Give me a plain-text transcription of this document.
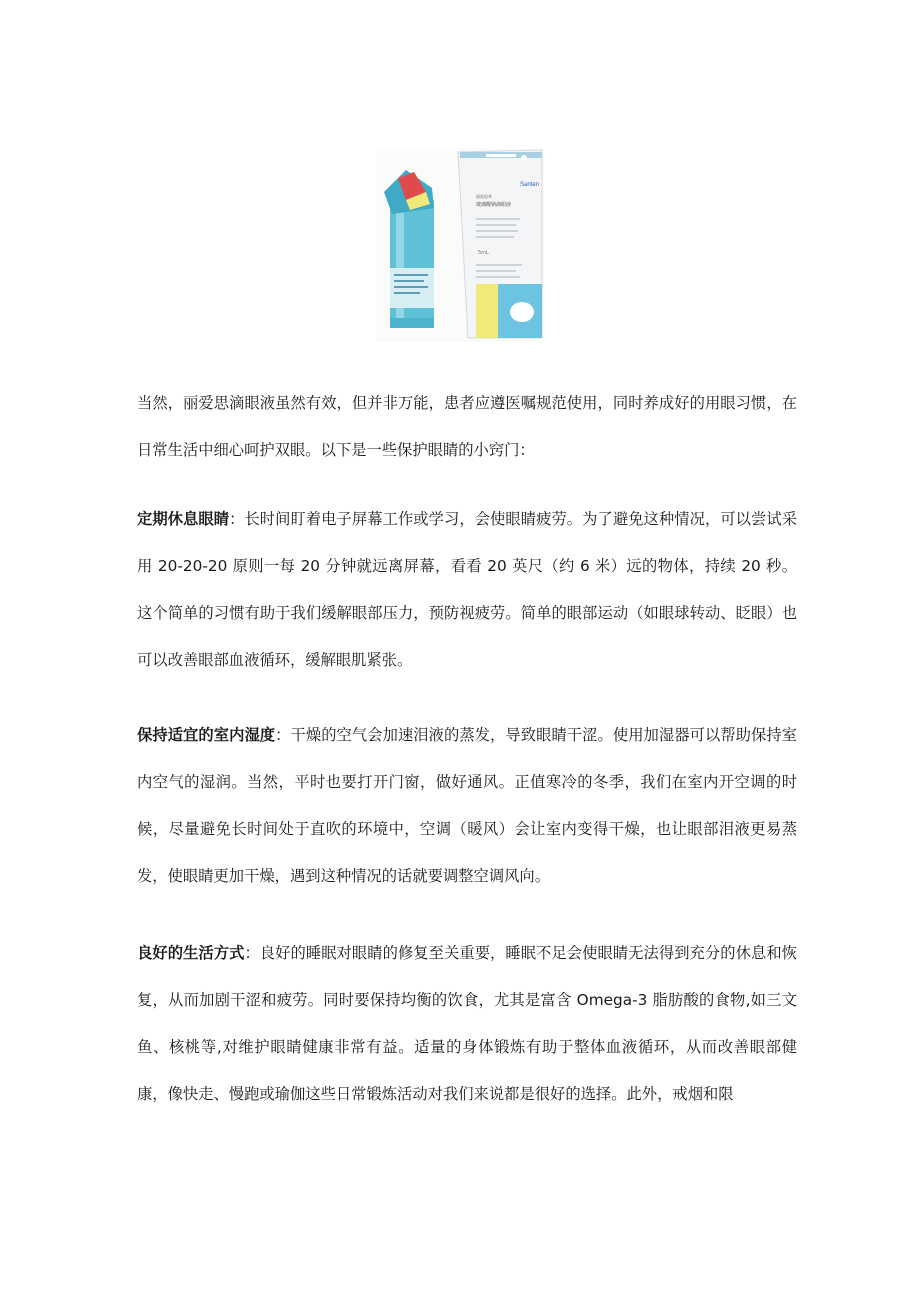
Santen
丽爱思®
玻璃酸钠滴眼液
5mL
当然，丽爱思滴眼液虽然有效，但并非万能，患者应遵医嘱规范使用，同时养成好的用眼习惯，在日常生活中细心呵护双眼。以下是一些保护眼睛的小窍门：
定期休息眼睛：长时间盯着电子屏幕工作或学习，会使眼睛疲劳。为了避免这种情况，可以尝试采用 20-20-20 原则一每 20 分钟就远离屏幕，看看 20 英尺（约 6 米）远的物体，持续 20 秒。这个简单的习惯有助于我们缓解眼部压力，预防视疲劳。简单的眼部运动（如眼球转动、眨眼）也可以改善眼部血液循环，缓解眼肌紧张。
保持适宜的室内湿度：干燥的空气会加速泪液的蒸发，导致眼睛干涩。使用加湿器可以帮助保持室内空气的湿润。当然，平时也要打开门窗，做好通风。正值寒冷的冬季，我们在室内开空调的时候，尽量避免长时间处于直吹的环境中，空调（暖风）会让室内变得干燥，也让眼部泪液更易蒸发，使眼睛更加干燥，遇到这种情况的话就要调整空调风向。
良好的生活方式：良好的睡眠对眼睛的修复至关重要，睡眠不足会使眼睛无法得到充分的休息和恢复，从而加剧干涩和疲劳。同时要保持均衡的饮食，尤其是富含 Omega-3 脂肪酸的食物,如三文鱼、核桃等,对维护眼睛健康非常有益。适量的身体锻炼有助于整体血液循环，从而改善眼部健康，像快走、慢跑或瑜伽这些日常锻炼活动对我们来说都是很好的选择。此外，戒烟和限
